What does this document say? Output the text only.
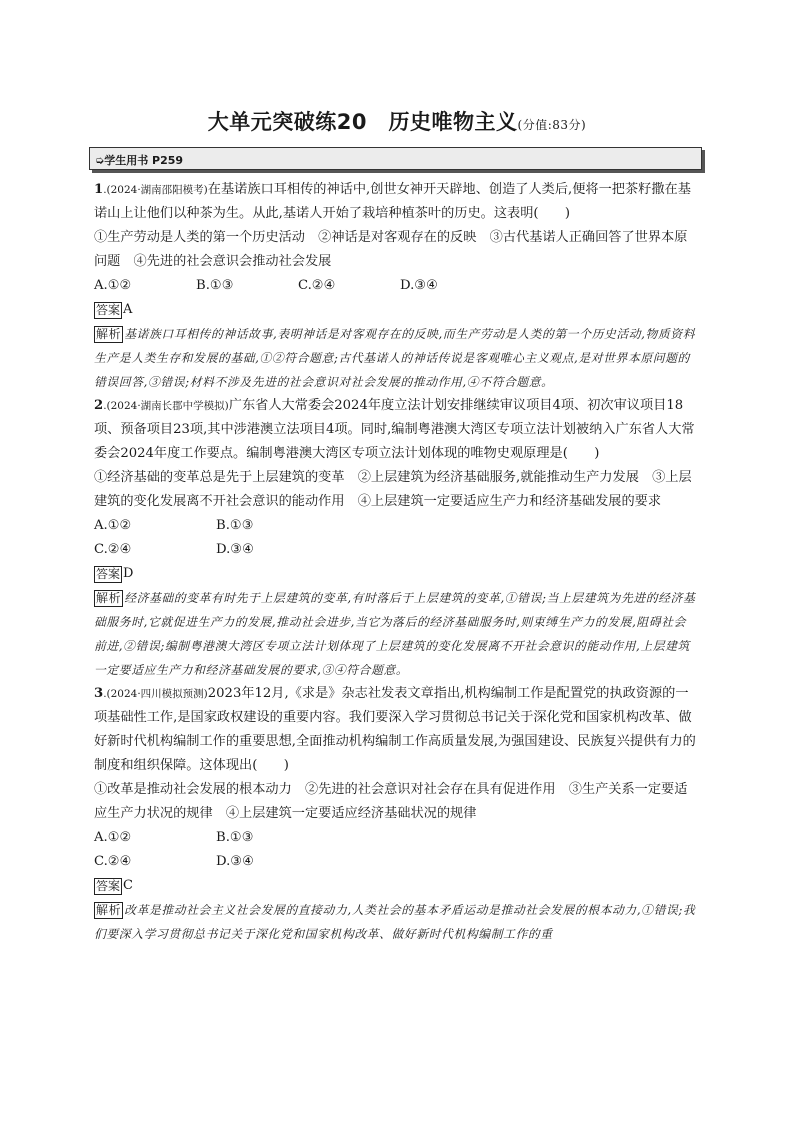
大单元突破练20　历史唯物主义(分值:83分)
➭学生用书 P259

1.(2024·湖南邵阳模考)在基诺族口耳相传的神话中,创世女神开天辟地、创造了人类后,便将一把茶籽撒在基诺山上让他们以种茶为生。从此,基诺人开始了栽培种植茶叶的历史。这表明(　　)

①生产劳动是人类的第一个历史活动　②神话是对客观存在的反映　③古代基诺人正确回答了世界本原问题　④先进的社会意识会推动社会发展

A.①②	B.①③	C.②④	D.③④

答案 A

解析 基诺族口耳相传的神话故事,表明神话是对客观存在的反映,而生产劳动是人类的第一个历史活动,物质资料生产是人类生存和发展的基础,①②符合题意;古代基诺人的神话传说是客观唯心主义观点,是对世界本原问题的错误回答,③错误;材料不涉及先进的社会意识对社会发展的推动作用,④不符合题意。

2.(2024·湖南长郡中学模拟)广东省人大常委会2024年度立法计划安排继续审议项目4项、初次审议项目18项、预备项目23项,其中涉港澳立法项目4项。同时,编制粤港澳大湾区专项立法计划被纳入广东省人大常委会2024年度工作要点。编制粤港澳大湾区专项立法计划体现的唯物史观原理是(　　)

①经济基础的变革总是先于上层建筑的变革　②上层建筑为经济基础服务,就能推动生产力发展　③上层建筑的变化发展离不开社会意识的能动作用　④上层建筑一定要适应生产力和经济基础发展的要求

A.①②	B.①③
C.②④	D.③④

答案 D

解析 经济基础的变革有时先于上层建筑的变革,有时落后于上层建筑的变革,①错误;当上层建筑为先进的经济基础服务时,它就促进生产力的发展,推动社会进步,当它为落后的经济基础服务时,则束缚生产力的发展,阻碍社会前进,②错误;编制粤港澳大湾区专项立法计划体现了上层建筑的变化发展离不开社会意识的能动作用,上层建筑一定要适应生产力和经济基础发展的要求,③④符合题意。

3.(2024·四川模拟预测)2023年12月,《求是》杂志社发表文章指出,机构编制工作是配置党的执政资源的一项基础性工作,是国家政权建设的重要内容。我们要深入学习贯彻总书记关于深化党和国家机构改革、做好新时代机构编制工作的重要思想,全面推动机构编制工作高质量发展,为强国建设、民族复兴提供有力的制度和组织保障。这体现出(　　)

①改革是推动社会发展的根本动力　②先进的社会意识对社会存在具有促进作用　③生产关系一定要适应生产力状况的规律　④上层建筑一定要适应经济基础状况的规律

A.①②	B.①③
C.②④	D.③④

答案 C

解析 改革是推动社会主义社会发展的直接动力,人类社会的基本矛盾运动是推动社会发展的根本动力,①错误;我们要深入学习贯彻总书记关于深化党和国家机构改革、做好新时代机构编制工作的重
